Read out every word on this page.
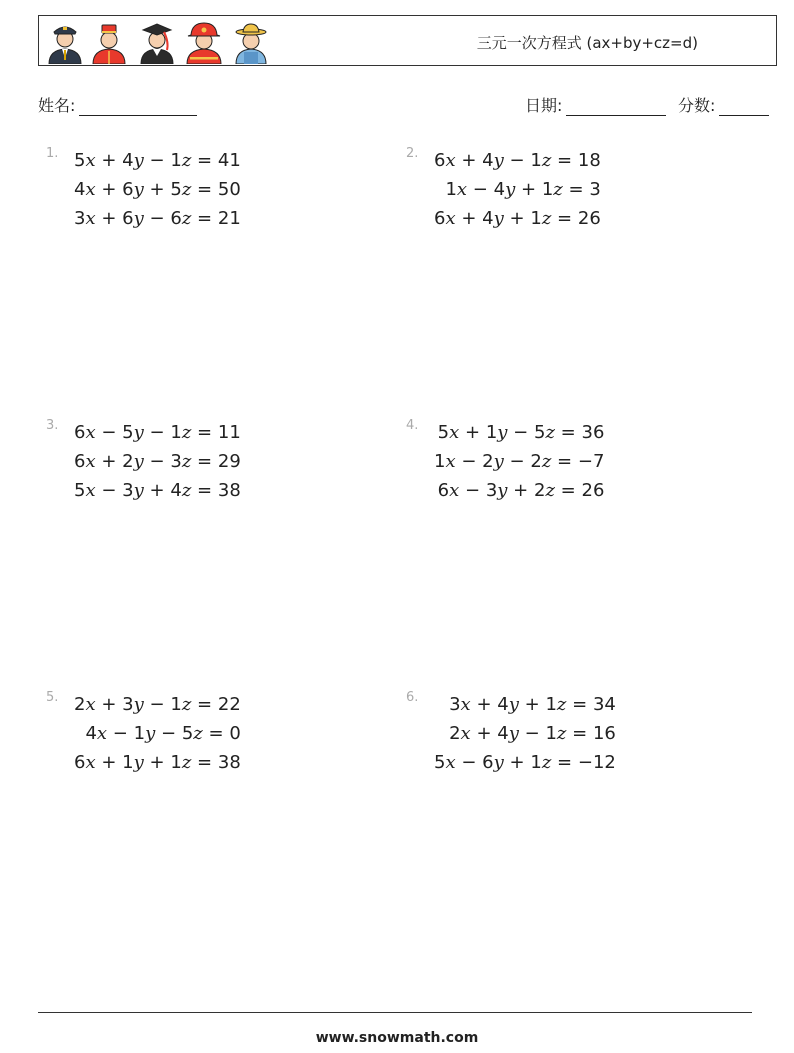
三元一次方程式 (ax+by+cz=d)
姓名:	日期:	分数:
1. 5x + 4y − 1z = 41
4x + 6y + 5z = 50
3x + 6y − 6z = 21
2. 6x + 4y − 1z = 18
1x − 4y + 1z = 3
6x + 4y + 1z = 26
3. 6x − 5y − 1z = 11
6x + 2y − 3z = 29
5x − 3y + 4z = 38
4. 5x + 1y − 5z = 36
1x − 2y − 2z = −7
6x − 3y + 2z = 26
5. 2x + 3y − 1z = 22
4x − 1y − 5z = 0
6x + 1y + 1z = 38
6.	3x + 4y + 1z = 34
2x + 4y − 1z = 16
5x − 6y + 1z = −12
www.snowmath.com
